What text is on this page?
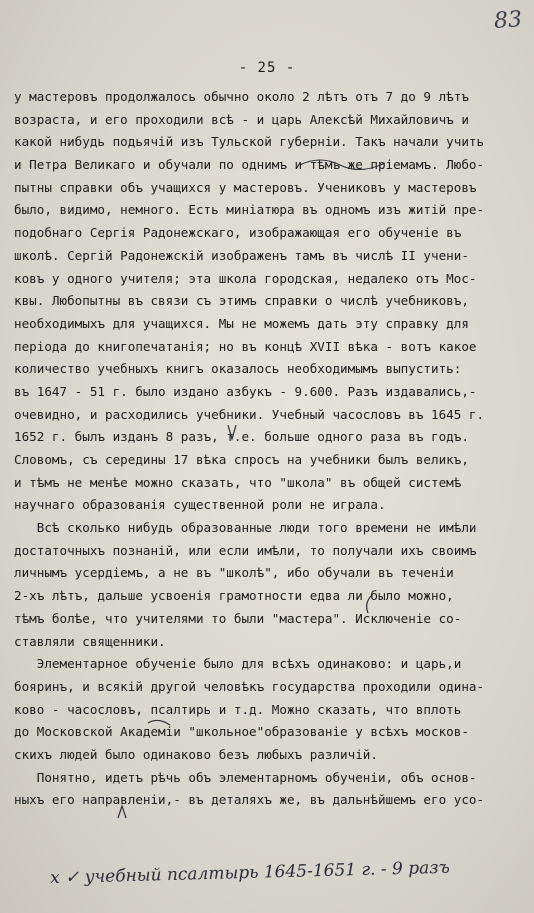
83
- 25 -
у мастеровъ продолжалось обычно около 2 лѣтъ отъ 7 до 9 лѣтъ
возраста, и его проходили всѣ - и царь Алексѣй Михайловичъ и
какой нибудь подьячій изъ Тульской губерніи. Такъ начали учить
и Петра Великаго и обучали по однимъ и тѣмъ же пріемамъ. Любо-
пытны справки объ учащихся у мастеровъ. Учениковъ у мастеровъ
было, видимо, немного. Есть миніатюра въ одномъ изъ житій пре-
подобнаго Сергія Радонежскаго, изображающая его обученіе въ
школѣ. Сергій Радонежскій изображенъ тамъ въ числѣ II учени-
ковъ у одного учителя; эта школа городская, недалеко отъ Мос-
квы. Любопытны въ связи съ этимъ справки о числѣ учебниковъ,
необходимыхъ для учащихся. Мы не можемъ дать эту справку для
періода до книгопечатанія; но въ концѣ XVII вѣка - вотъ какое
количество учебныхъ книгъ оказалось необходимымъ выпустить:
въ 1647 - 51 г. было издано азбукъ - 9.600. Разъ издавались,-
очевидно, и расходились учебники. Учебный часословъ въ 1645 г.
1652 г. былъ изданъ 8 разъ, т.е. больше одного раза въ годъ.
Словомъ, съ середины 17 вѣка спросъ на учебники былъ великъ,
и тѣмъ не менѣе можно сказать, что "школа" въ общей системѣ
научнаго образованія существенной роли не играла.
Всѣ сколько нибудь образованные люди того времени не имѣли
достаточныхъ познаній, или если имѣли, то получали ихъ своимъ
личнымъ усердіемъ, а не въ "школѣ", ибо обучали въ теченіи
2-хъ лѣтъ, дальше усвоенія грамотности едва ли было можно,
тѣмъ болѣе, что учителями то были "мастера". Исключеніе со-
ставляли священники.
Элементарное обученіе было для всѣхъ одинаково: и царь,и
бояринъ, и всякій другой человѣкъ государства проходили одина-
ково - часословъ, псалтирь и т.д. Можно сказать, что вплоть
до Московской Академіи "школьное"образованіе у всѣхъ москов-
скихъ людей было одинаково безъ любыхъ различій.
Понятно, идетъ рѣчь объ элементарномъ обученіи, объ основ-
ныхъ его направленіи,- въ деталяхъ же, въ дальнѣйшемъ его усо-
x ✓ учебный псалтырь 1645-1651 г. - 9 разъ
